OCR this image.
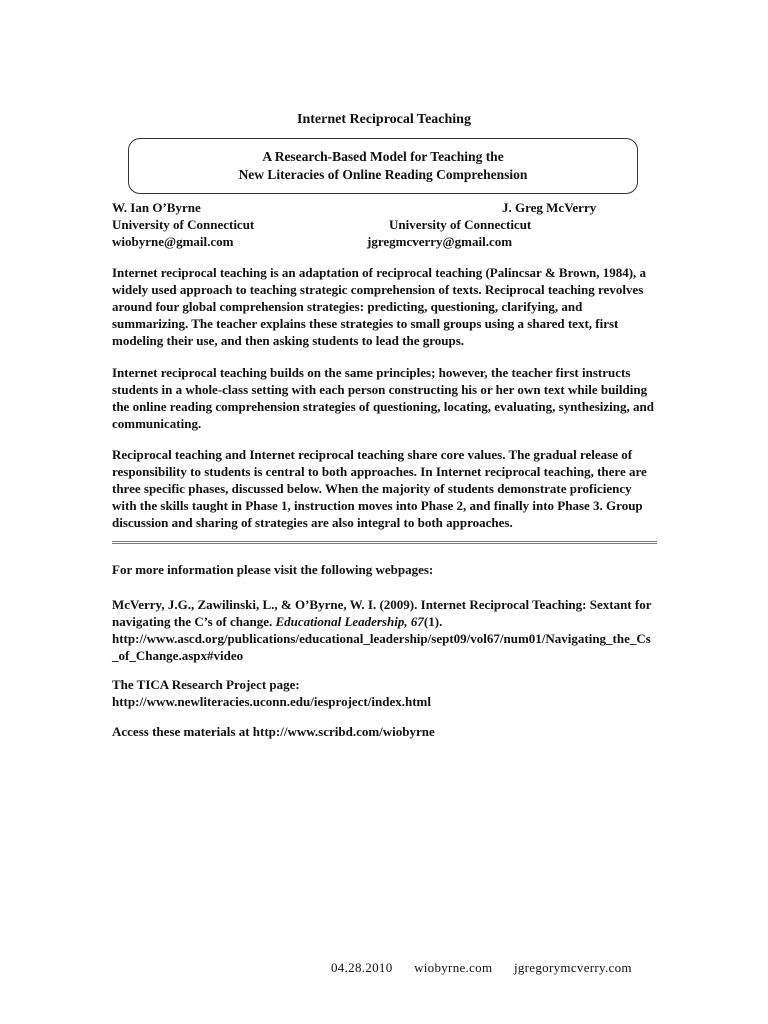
Internet Reciprocal Teaching
A Research-Based Model for Teaching the
New Literacies of Online Reading Comprehension
W. Ian O’Byrne
University of Connecticut
wiobyrne@gmail.com
J. Greg McVerry
University of Connecticut
jgregmcverry@gmail.com

Internet reciprocal teaching is an adaptation of reciprocal teaching (Palincsar & Brown, 1984), a widely used approach to teaching strategic comprehension of texts. Reciprocal teaching revolves around four global comprehension strategies: predicting, questioning, clarifying, and summarizing. The teacher explains these strategies to small groups using a shared text, first modeling their use, and then asking students to lead the groups.

Internet reciprocal teaching builds on the same principles; however, the teacher first instructs students in a whole-class setting with each person constructing his or her own text while building the online reading comprehension strategies of questioning, locating, evaluating, synthesizing, and communicating.

Reciprocal teaching and Internet reciprocal teaching share core values. The gradual release of responsibility to students is central to both approaches. In Internet reciprocal teaching, there are three specific phases, discussed below. When the majority of students demonstrate proficiency with the skills taught in Phase 1, instruction moves into Phase 2, and finally into Phase 3. Group discussion and sharing of strategies are also integral to both approaches.

For more information please visit the following webpages:
McVerry, J.G., Zawilinski, L., & O’Byrne, W. I. (2009). Internet Reciprocal Teaching: Sextant for navigating the C’s of change. Educational Leadership, 67(1).
http://www.ascd.org/publications/educational_leadership/sept09/vol67/num01/Navigating_the_Cs_of_Change.aspx#video
The TICA Research Project page:
http://www.newliteracies.uconn.edu/iesproject/index.html
Access these materials at http://www.scribd.com/wiobyrne
04.28.2010 wiobyrne.com jgregorymcverry.com
